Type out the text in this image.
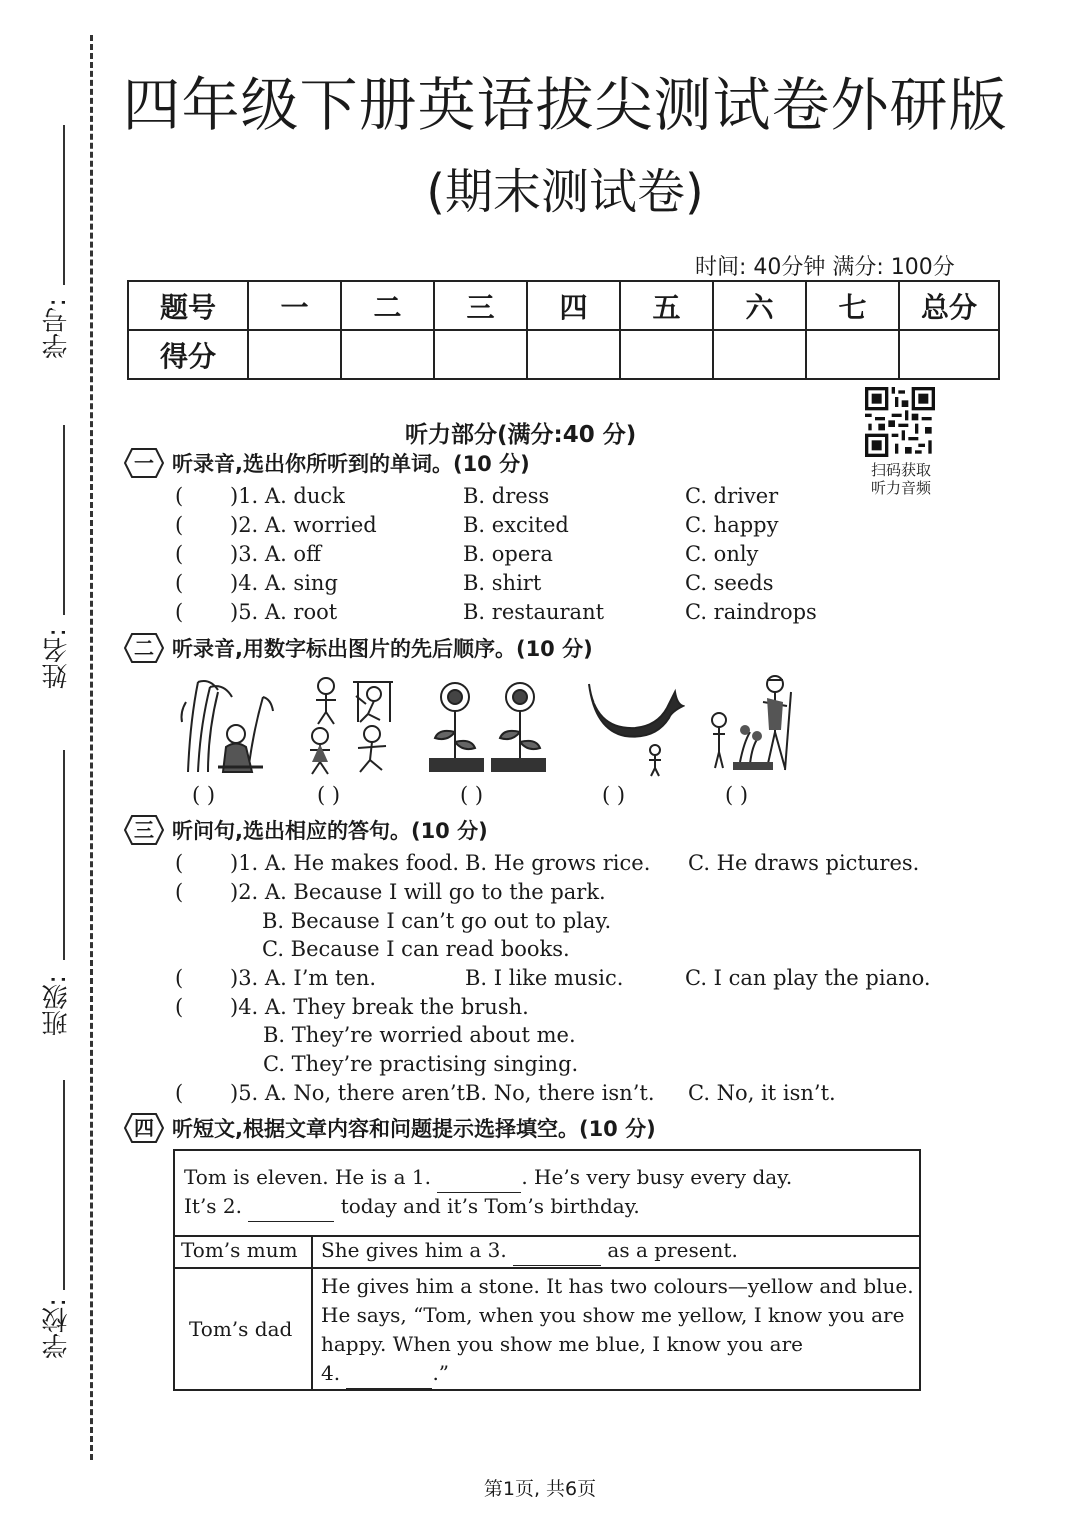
学号:
姓名:
班级:
学校:
四年级下册英语拔尖测试卷外研版
(期末测试卷)
时间: 40分钟 满分: 100分
题号	一	二	三	四	五	六	七	总分
得分								
扫码获取
听力音频
听力部分(满分:40 分)
一 听录音,选出你所听到的单词。(10 分)
( )1. A. duck	B. dress	C. driver
( )2. A. worried	B. excited	C. happy
( )3. A. off	B. opera	C. only
( )4. A. sing	B. shirt	C. seeds
( )5. A. root	B. restaurant	C. raindrops
二 听录音,用数字标出图片的先后顺序。(10 分)
( )	( )	( )	( )	( )
三 听问句,选出相应的答句。(10 分)
( )1. A. He makes food. B. He grows rice. C. He draws pictures.
( )2. A. Because I will go to the park.
B. Because I can’t go out to play.
C. Because I can read books.
( )3. A. I’m ten.	B. I like music.	C. I can play the piano.
( )4. A. They break the brush.
B. They’re worried about me.
C. They’re practising singing.
( )5. A. No, there aren’t.
B. No, there isn’t. C. No, it isn’t.
四 听短文,根据文章内容和问题提示选择填空。(10 分)
Tom is eleven. He is a 1.	. He’s very busy every day.
It’s 2.	today and it’s Tom’s birthday.
Tom’s mum She gives him a 3.	as a present.
Tom’s dad
He gives him a stone. It has two colours—yellow and blue.
He says, “Tom, when you show me yellow, I know you are
happy. When you show me blue, I know you are
4.	.”
第1页, 共6页
